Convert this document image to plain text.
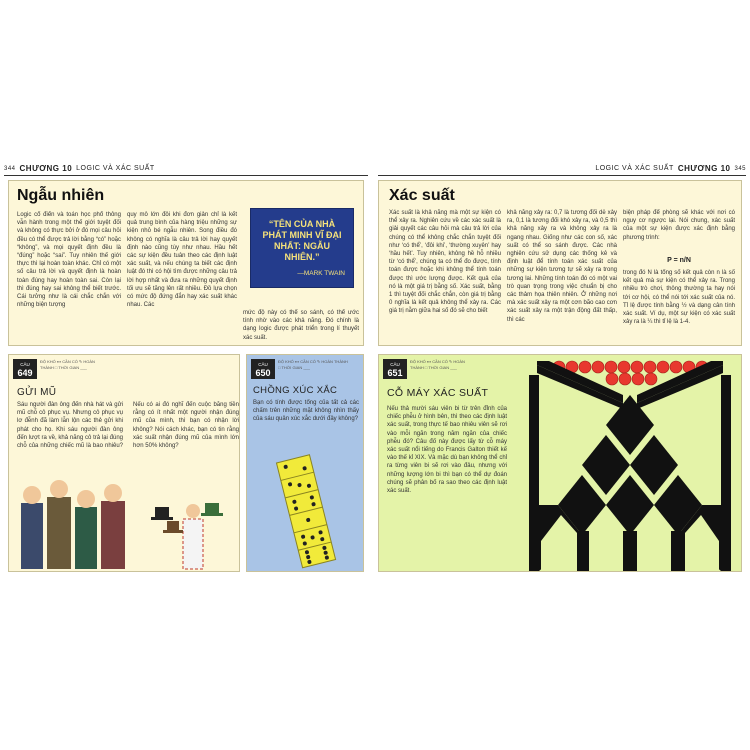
344 CHƯƠNG 10 LOGIC VÀ XÁC SUẤT
Ngẫu nhiên
Logic cổ điển và toán học phổ thông vẫn hành trong một thế giới tuyệt đối và không có thực bởi ở đó mọi câu hỏi đều có thể được trả lời bằng “có” hoặc “không”, và mọi quyết định đều là “đúng” hoặc “sai”. Tuy nhiên thế giới thực thì lại hoàn toàn khác. Chỉ có một số câu trả lời và quyết định là hoàn toàn đúng hay hoàn toàn sai. Còn lại thì đúng hay sai không thể biết trước. Cái tưởng như là cái chắc chắn với những biện tượng
quy mô lớn đôi khi đơn giản chỉ là kết quả trung bình của hàng triệu những sự kiện nhỏ bé ngẫu nhiên. Song điều đó không có nghĩa là câu trả lời hay quyết định nào cũng tùy như nhau. Hầu hết các sự kiện đều tuân theo các định luật xác suất, và nếu chúng ta biết các định luật đó thì có hội tìm được những câu trả lời hợp nhất và đưa ra những quyết định tối ưu sẽ tăng lên rất nhiều. Đồ lựa chọn có mức độ đứng đắn hay xác suất khác nhau. Các
mức độ này có thể so sánh, có thể ước tính nhờ vào các khả năng. Đó chính là dạng logic được phát triển trong lí thuyết xác suất.
“TÊN CỦA NHÀ PHÁT MINH VĨ ĐẠI NHẤT: NGẪU NHIÊN.”
—MARK TWAIN
CÂU
649
ĐỘ KHÓ ▪▪▪ CẦN CÓ ✎ HOÀN THÀNH □ THỜI GIAN ___
GỬI MŨ
Sáu người đàn ông đến nhà hát và gửi mũ chỗ cô phục vụ. Nhưng cô phục vụ lơ đễnh đã làm lẫn lộn các thẻ gửi khi phát cho họ. Khi sáu người đàn ông đến lượt ra về, khả năng cô trả lại đúng chỗ của những chiếc mũ là bao nhiêu? Nếu có ai đó nghĩ đến cuộc bằng tiền rằng có ít nhất một người nhận đúng mũ của mình, thì bạn có nhận lời không? Nói cách khác, bạn có tin rằng xác suất nhận đúng mũ của mình lớn hơn 50% không?
CÂU
650
ĐỘ KHÓ ▪▪▪ CẦN CÓ ✎ HOÀN THÀNH □ THỜI GIAN ___
CHỒNG XÚC XẮC
Bạn có tính được tổng của tất cả các chấm trên những mặt không nhìn thấy của sáu quân xúc xắc dưới đây không?
LOGIC VÀ XÁC SUẤT CHƯƠNG 10 345
Xác suất
Xác suất là khả năng mà một sự kiện có thể xảy ra. Nghiên cứu về các xác suất là giải quyết các câu hỏi mà câu trả lời của chúng có thể không chắc chắn tuyệt đối như ‘có thể’, ‘đôi khi’, ‘thường xuyên’ hay ‘hầu hết’. Tuy nhiên, không hề hỗ nhiều từ ‘có thể’, chúng ta có thể đo được, tính toán được hoặc khi không thể tính toán được thì ước lượng được. Kết quả của nó là một giá trị bằng số. Xác suất, bằng 1 thì tuyệt đối chắc chắn, còn giá trị bằng 0 nghĩa là kết quả không thể xảy ra. Các giá trị nằm giữa hai số đó sẽ cho biết
khả năng xảy ra: 0,7 là tương đối dễ xảy ra, 0,1 là tương đối khó xảy ra, và 0,5 thì khả năng xảy ra và không xảy ra là ngang nhau. Giống như các con số, xác suất có thể so sánh được. Các nhà nghiên cứu sử dụng các thống kê và định luật để tính toán xác suất của những sự kiện tương tự sẽ xảy ra trong tương lai. Những tính toán đó có một vai trò quan trọng trong việc chuẩn bị cho các thảm họa thiên nhiên. Ở những nơi mà xác suất xảy ra một cơn bão cao cơn xác suất xảy ra một trận động đất thấp, thì các
biện pháp để phòng sẽ khác với nơi có nguy cơ ngược lại. Nói chung, xác suất của một sự kiện được xác định bằng phương trình:
P = n/N
trong đó N là tổng số kết quả còn n là số kết quả mà sự kiện có thể xảy ra. Trong nhiều trò chơi, thông thường ta hay nói tới cơ hội, có thể nói tới xác suất của nó. Tỉ lệ được tính bằng ½ và dạng cân tính xác suất. Ví dụ, một sự kiện có xác suất xảy ra là ¼ thì tỉ lệ là 1-4.
CÂU
651
ĐỘ KHÓ ▪▪▪ CẦN CÓ ✎ HOÀN THÀNH □ THỜI GIAN ___
CỖ MÁY XÁC SUẤT
Nếu thả mười sáu viên bi từ trên đỉnh của chiếc phễu ở hình bên, thì theo các định luật xác suất, trong thực tế bao nhiêu viên sẽ rơi vào mỗi ngăn trong năm ngăn của chiếc phễu đó? Câu đố này được lấy từ cỗ máy xác suất nổi tiếng do Francis Galton thiết kế vào thế kỉ XIX. Và mặc dù bạn không thể chỉ ra từng viên bi sẽ rơi vào đâu, nhưng với những lượng lớn bi thì bạn có thể dự đoán chúng sẽ phân bố ra sao theo các định luật xác suất.
